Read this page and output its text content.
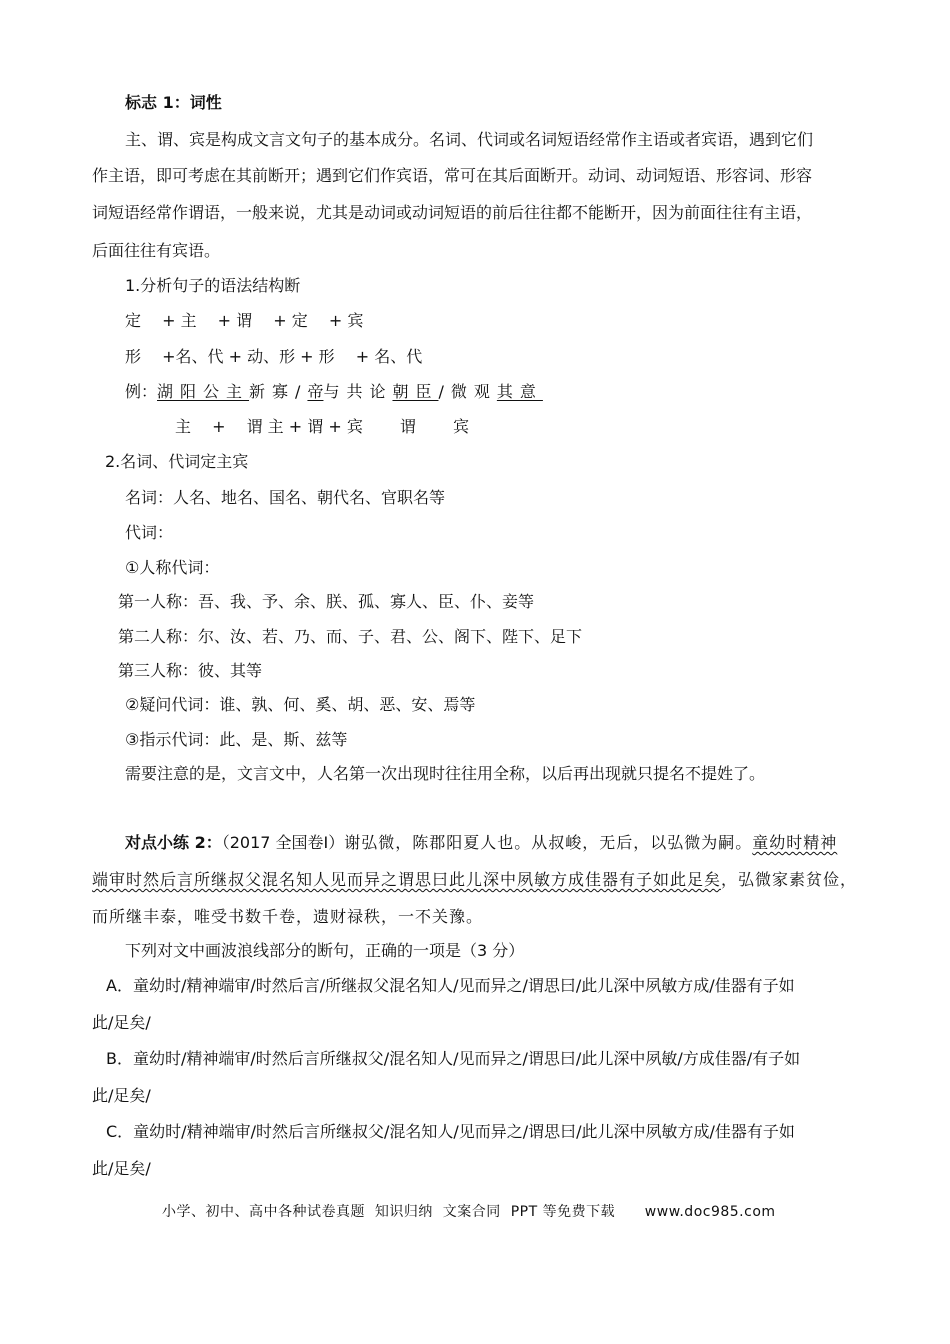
标志 1：词性
主、谓、宾是构成文言文句子的基本成分。名词、代词或名词短语经常作主语或者宾语，遇到它们
作主语，即可考虑在其前断开；遇到它们作宾语，常可在其后面断开。动词、动词短语、形容词、形容
词短语经常作谓语，一般来说，尤其是动词或动词短语的前后往往都不能断开，因为前面往往有主语，
后面往往有宾语。
1.分析句子的语法结构断
定　 + 主　 + 谓　 + 定　 + 宾
形　 +名、代 + 动、形 + 形　 + 名、代
例：湖阳公主新寡/帝与共论朝臣/微观其意
主　 +　 谓 主 + 谓 + 宾　　 谓　　 宾
2.名词、代词定主宾
名词：人名、地名、国名、朝代名、官职名等
代词：
①人称代词：
第一人称：吾、我、予、余、朕、孤、寡人、臣、仆、妾等
第二人称：尔、汝、若、乃、而、子、君、公、阁下、陛下、足下
第三人称：彼、其等
②疑问代词：谁、孰、何、奚、胡、恶、安、焉等
③指示代词：此、是、斯、兹等
需要注意的是，文言文中，人名第一次出现时往往用全称，以后再出现就只提名不提姓了。
对点小练 2：（2017 全国卷Ⅰ）谢弘微，陈郡阳夏人也。从叔峻，无后，以弘微为嗣。童幼时精神
端审时然后言所继叔父混名知人见而异之谓思曰此儿深中夙敏方成佳器有子如此足矣，弘微家素贫俭，
而所继丰泰，唯受书数千卷，遗财禄秩，一不关豫。
下列对文中画波浪线部分的断句，正确的一项是（3 分）
A．童幼时/精神端审/时然后言/所继叔父混名知人/见而异之/谓思曰/此儿深中夙敏方成/佳器有子如
此/足矣/
B．童幼时/精神端审/时然后言所继叔父/混名知人/见而异之/谓思曰/此儿深中夙敏/方成佳器/有子如
此/足矣/
C．童幼时/精神端审/时然后言所继叔父/混名知人/见而异之/谓思曰/此儿深中夙敏方成/佳器有子如
此/足矣/
小学、初中、高中各种试卷真题  知识归纳  文案合同  PPT 等免费下载      www.doc985.com
